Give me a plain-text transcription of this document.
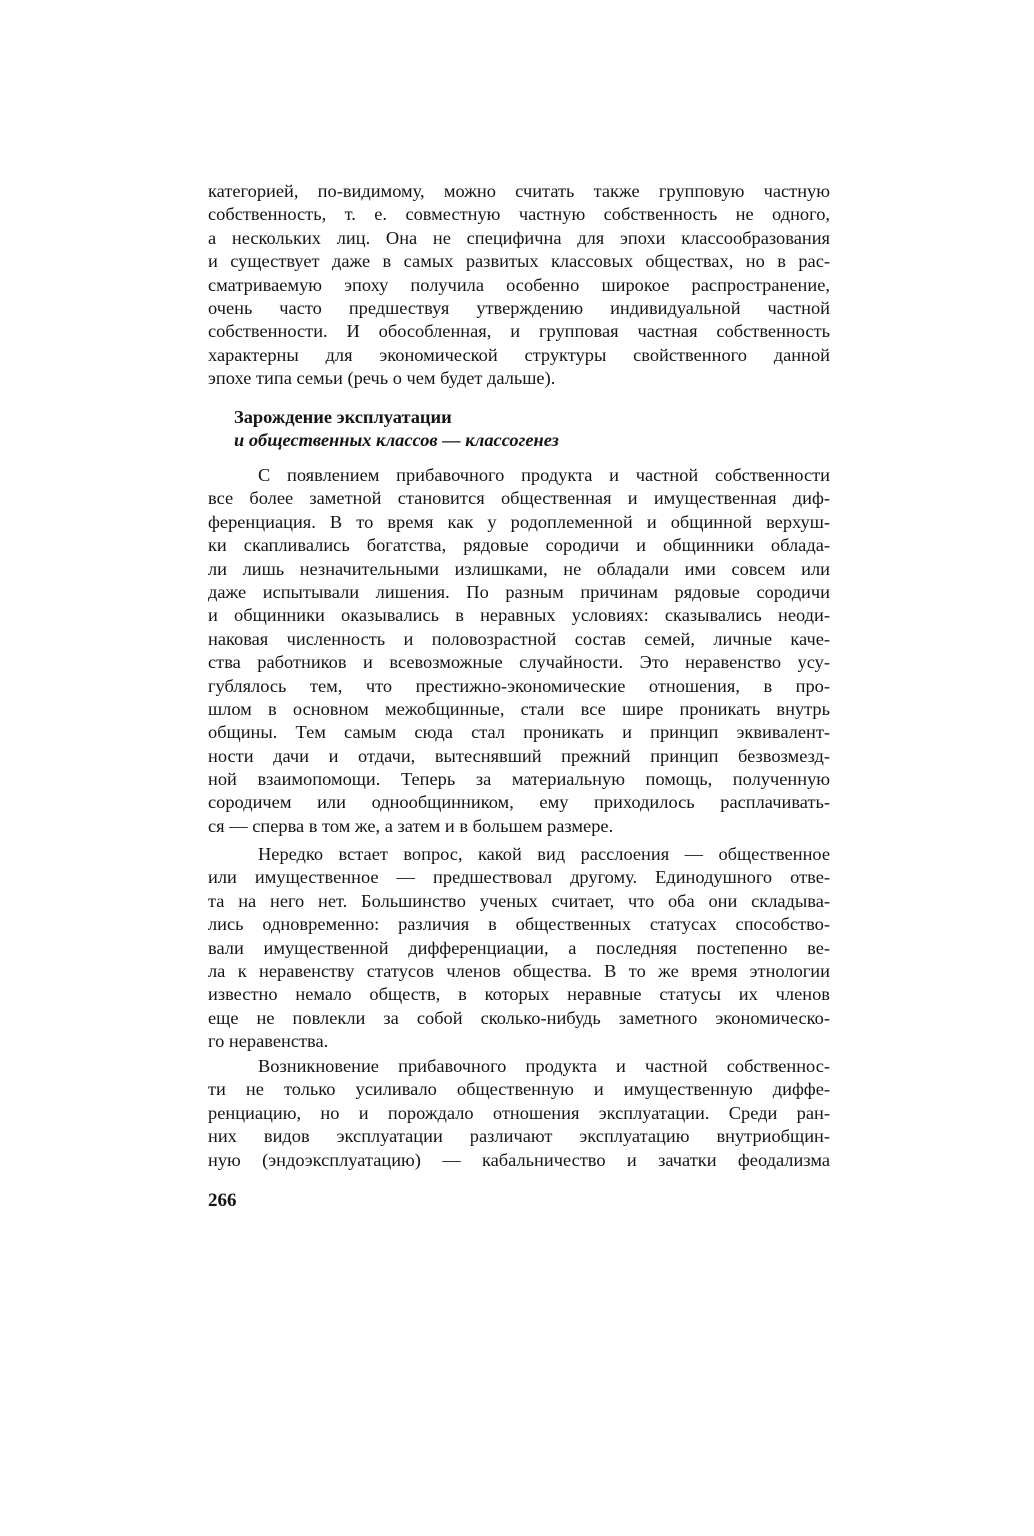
категорией, по-видимому, можно считать также групповую частную
собственность, т. е. совместную частную собственность не одного,
а нескольких лиц. Она не специфична для эпохи классообразования
и существует даже в самых развитых классовых обществах, но в рас-
сматриваемую эпоху получила особенно широкое распространение,
очень часто предшествуя утверждению индивидуальной частной
собственности. И обособленная, и групповая частная собственность
характерны для экономической структуры свойственного данной
эпохе типа семьи (речь о чем будет дальше).
Зарождение эксплуатации
и общественных классов — классогенез
С появлением прибавочного продукта и частной собственности
все более заметной становится общественная и имущественная диф-
ференциация. В то время как у родоплеменной и общинной верхуш-
ки скапливались богатства, рядовые сородичи и общинники облада-
ли лишь незначительными излишками, не обладали ими совсем или
даже испытывали лишения. По разным причинам рядовые сородичи
и общинники оказывались в неравных условиях: сказывались неоди-
наковая численность и половозрастной состав семей, личные каче-
ства работников и всевозможные случайности. Это неравенство усу-
гублялось тем, что престижно-экономические отношения, в про-
шлом в основном межобщинные, стали все шире проникать внутрь
общины. Тем самым сюда стал проникать и принцип эквивалент-
ности дачи и отдачи, вытеснявший прежний принцип безвозмезд-
ной взаимопомощи. Теперь за материальную помощь, полученную
сородичем или однообщинником, ему приходилось расплачивать-
ся — сперва в том же, а затем и в большем размере.
Нередко встает вопрос, какой вид расслоения — общественное
или имущественное — предшествовал другому. Единодушного отве-
та на него нет. Большинство ученых считает, что оба они складыва-
лись одновременно: различия в общественных статусах способство-
вали имущественной дифференциации, а последняя постепенно ве-
ла к неравенству статусов членов общества. В то же время этнологии
известно немало обществ, в которых неравные статусы их членов
еще не повлекли за собой сколько-нибудь заметного экономическо-
го неравенства.
Возникновение прибавочного продукта и частной собственнос-
ти не только усиливало общественную и имущественную диффе-
ренциацию, но и порождало отношения эксплуатации. Среди ран-
них видов эксплуатации различают эксплуатацию внутриобщин-
ную (эндоэксплуатацию) — кабальничество и зачатки феодализма
266
